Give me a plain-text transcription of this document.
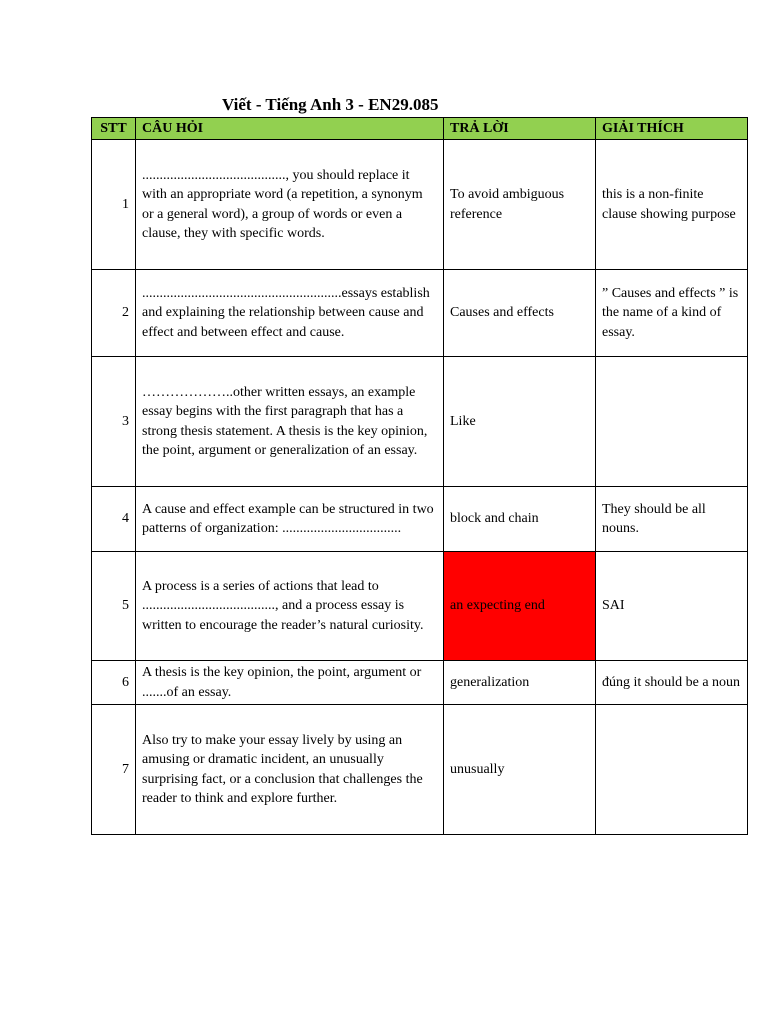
Viết - Tiếng Anh 3 - EN29.085
STT	CÂU HỎI	TRẢ LỜI	GIẢI THÍCH
1	........................................., you should replace it with an appropriate word (a repetition, a synonym or a general word), a group of words or even a clause, they with specific words.	To avoid ambiguous reference	this is a non-finite clause showing purpose
2	.........................................................essays establish and explaining the relationship between cause and effect and between effect and cause.	Causes and effects	” Causes and effects ” is the name of a kind of essay.
3	………………..other written essays, an example essay begins with the first paragraph that has a strong thesis statement. A thesis is the key opinion, the point, argument or generalization of an essay.	Like	
4	A cause and effect example can be structured in two patterns of organization: ..................................	block and chain	They should be all nouns.
5	A process is a series of actions that lead to ......................................, and a process essay is written to encourage the reader’s natural curiosity.	an expecting end	SAI
6	A thesis is the key opinion, the point, argument or .......of an essay.	generalization	đúng it should be a noun
7	Also try to make your essay lively by using an amusing or dramatic incident, an unusually surprising fact, or a conclusion that challenges the reader to think and explore further.	unusually	
